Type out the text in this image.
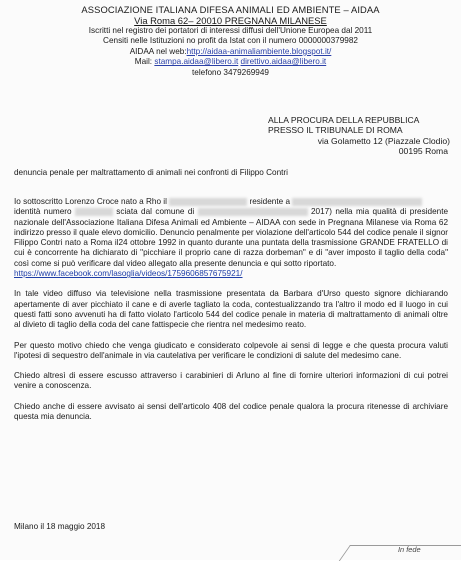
ASSOCIAZIONE ITALIANA DIFESA ANIMALI ED AMBIENTE – AIDAA
Via Roma 62– 20010 PREGNANA MILANESE
Iscritti nel registro dei portatori di interessi diffusi dell'Unione Europea dal 2011
Censiti nelle Istituzioni no profit da Istat con il numero 0000000379982
AIDAA nel web:http://aidaa-animaliambiente.blogspot.it/
Mail: stampa.aidaa@libero.it direttivo.aidaa@libero.it
telefono 3479269949
ALLA PROCURA DELLA REPUBBLICA
PRESSO IL TRIBUNALE DI ROMA
via Golametto 12 (Piazzale Clodio)
00195 Roma
denuncia penale per maltrattamento di animali nei confronti di Filippo Contri

Io sottoscritto Lorenzo Croce nato a Rho il	residente a
identità numero	sciata dal comune di	2017) nella mia qualità di presidente nazionale dell'Associazione Italiana Difesa Animali ed Ambiente – AIDAA con sede in Pregnana Milanese via Roma 62 indirizzo presso il quale elevo domicilio. Denuncio penalmente per violazione dell'articolo 544 del codice penale il signor Filippo Contri nato a Roma il24 ottobre 1992 in quanto durante una puntata della trasmissione GRANDE FRATELLO di cui è concorrente ha dichiarato di "picchiare il proprio cane di razza dorbeman" e di "aver imposto il taglio della coda" così come si può verificare dal video allegato alla presente denuncia e qui sotto riportato.
https://www.facebook.com/lasoglia/videos/1759606857675921/

In tale video diffuso via televisione nella trasmissione presentata da Barbara d'Urso questo signore dichiarando apertamente di aver picchiato il cane e di averle tagliato la coda, contestualizzando tra l'altro il modo ed il luogo in cui questi fatti sono avvenuti ha di fatto violato l'articolo 544 del codice penale in materia di maltrattamento di animali oltre al divieto di taglio della coda del cane fattispecie che rientra nel medesimo reato.

Per questo motivo chiedo che venga giudicato e considerato colpevole ai sensi di legge e che questa procura valuti l'ipotesi di sequestro dell'animale in via cautelativa per verificare le condizioni di salute del medesimo cane.

Chiedo altresì di essere escusso attraverso i carabinieri di Arluno al fine di fornire ulteriori informazioni di cui potrei venire a conoscenza.

Chiedo anche di essere avvisato ai sensi dell'articolo 408 del codice penale qualora la procura ritenesse di archiviare questa mia denuncia.

Milano il 18 maggio 2018
In fede
